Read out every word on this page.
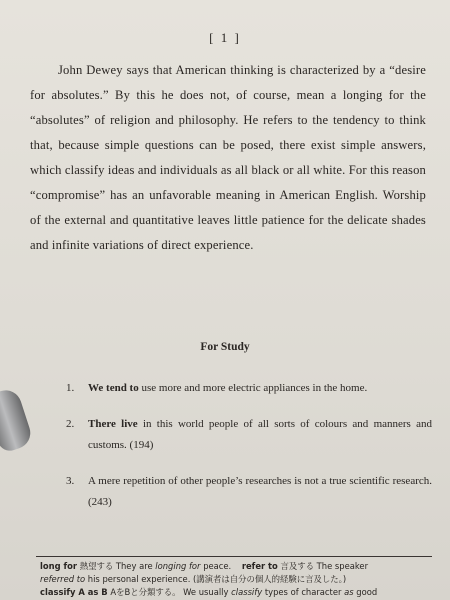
[ 1 ]

John Dewey says that American thinking is characterized by a “desire for absolutes.” By this he does not, of course, mean a longing for the “absolutes” of religion and philosophy. He refers to the tendency to think that, because simple questions can be posed, there exist simple answers, which classify ideas and individuals as all black or all white. For this reason “compromise” has an unfavorable meaning in American English. Worship of the external and quantitative leaves little patience for the delicate shades and infinite variations of direct experience.

For Study
1. We tend to use more and more electric appliances in the home.
2. There live in this world people of all sorts of colours and manners and customs. (194)
3. A mere repetition of other people’s researches is not a true scientific research. (243)
long for 熱望する They are longing for peace. refer to 言及する The speaker
referred to his personal experience. (講演者は自分の個人的経験に言及した。)
classify A as B AをBと分類する。 We usually classify types of character as good
